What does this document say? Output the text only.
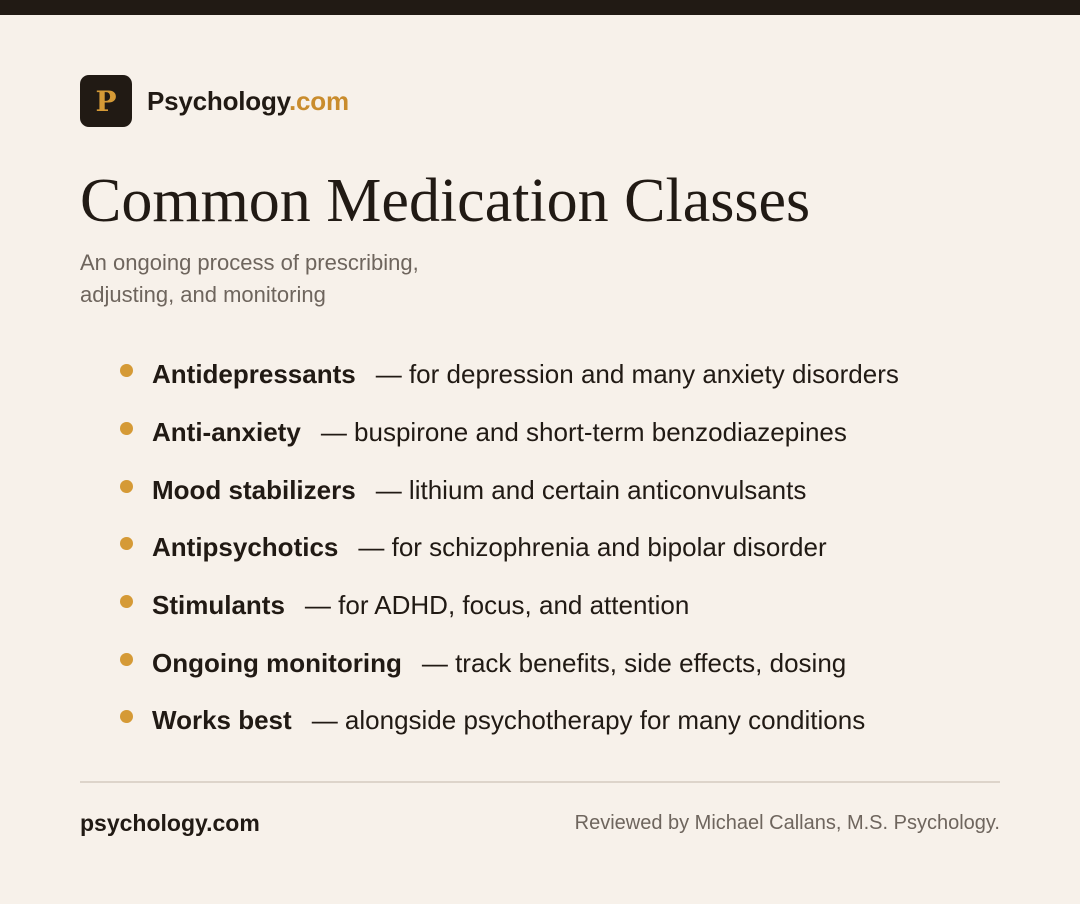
P Psychology.com
Common Medication Classes

An ongoing process of prescribing, adjusting, and monitoring

Antidepressants — for depression and many anxiety disorders
Anti-anxiety — buspirone and short-term benzodiazepines
Mood stabilizers — lithium and certain anticonvulsants
Antipsychotics — for schizophrenia and bipolar disorder
Stimulants — for ADHD, focus, and attention
Ongoing monitoring — track benefits, side effects, dosing
Works best — alongside psychotherapy for many conditions
psychology.com	Reviewed by Michael Callans, M.S. Psychology.
